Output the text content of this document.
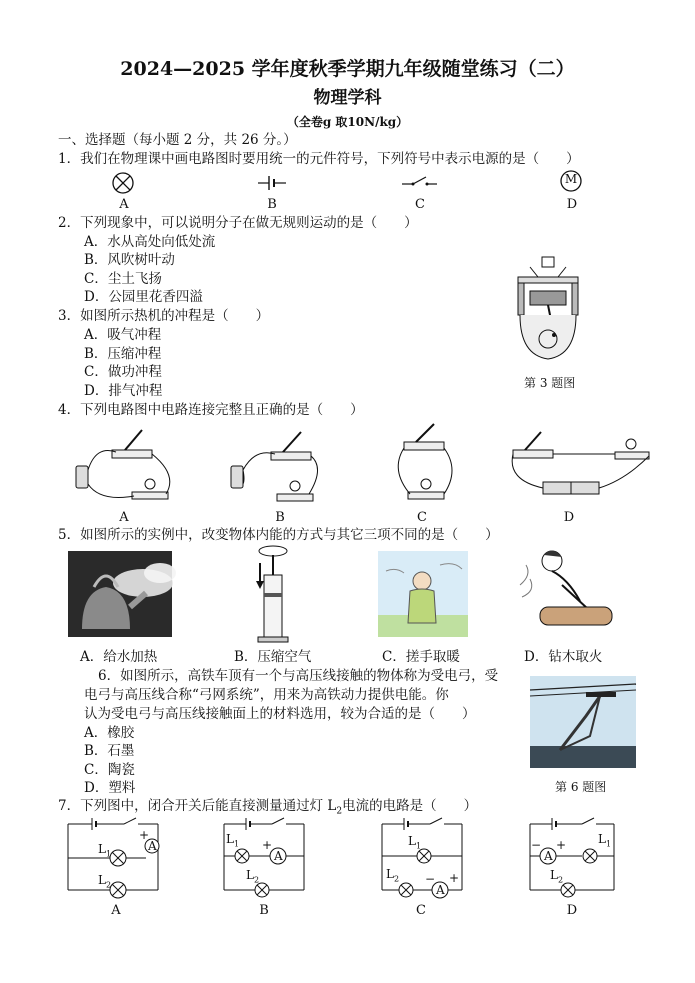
2024—2025 学年度秋季学期九年级随堂练习（二）
物理学科
（全卷g 取10N/kg）
一、选择题（每小题 2 分，共 26 分。）
1．我们在物理课中画电路图时要用统一的元件符号，下列符号中表示电源的是（　　）
M
A	B	C	D
2．下列现象中，可以说明分子在做无规则运动的是（　　）
A．水从高处向低处流
B．风吹树叶动
C．尘土飞扬
D．公园里花香四溢
第 3 题图
3．如图所示热机的冲程是（　　）
A．吸气冲程
B．压缩冲程
C．做功冲程
D．排气冲程
4．下列电路图中电路连接完整且正确的是（　　）
A	B	C	D
5．如图所示的实例中，改变物体内能的方式与其它三项不同的是（　　）
A．给水加热	B．压缩空气	C．搓手取暖	D．钻木取火
6．如图所示，高铁车顶有一个与高压线接触的物体称为受电弓，受
电弓与高压线合称“弓网系统”，用来为高铁动力提供电能。你
认为受电弓与高压线接触面上的材料选用，较为合适的是（　　）
A．橡胶
B．石墨
C．陶瓷
D．塑料	第 6 题图
7．下列图中，闭合开关后能直接测量通过灯 $L_2$电流的电路是（　　）
A
+
$L_1$
$L_2$
A
A
+
$L_1$
$L_2$
B
A
+
−
$L_1$
$L_2$
C
A
+
−	$L_1$
$L_2$
D
